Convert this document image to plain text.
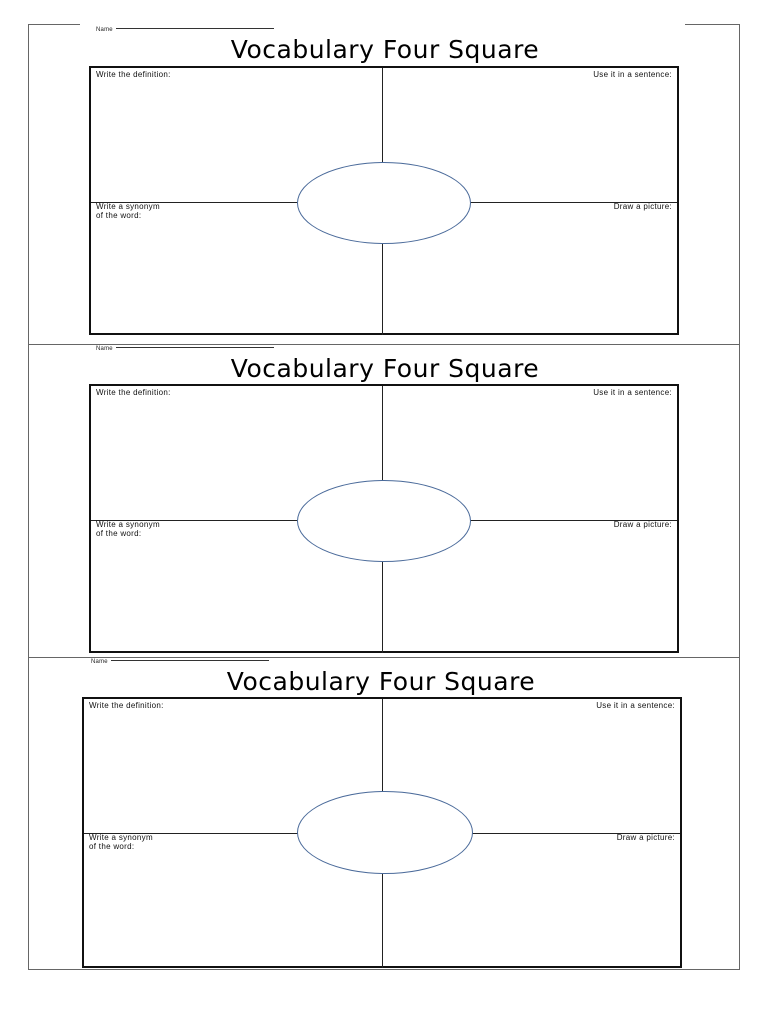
Name
Vocabulary Four Square
Write the definition:	Use it in a sentence:
Write a synonym
of the word:
Draw a picture:
Name
Vocabulary Four Square
Write the definition:	Use it in a sentence:
Write a synonym
of the word:
Draw a picture:
Name
Vocabulary Four Square
Write the definition:	Use it in a sentence:
Write a synonym
of the word:
Draw a picture:
